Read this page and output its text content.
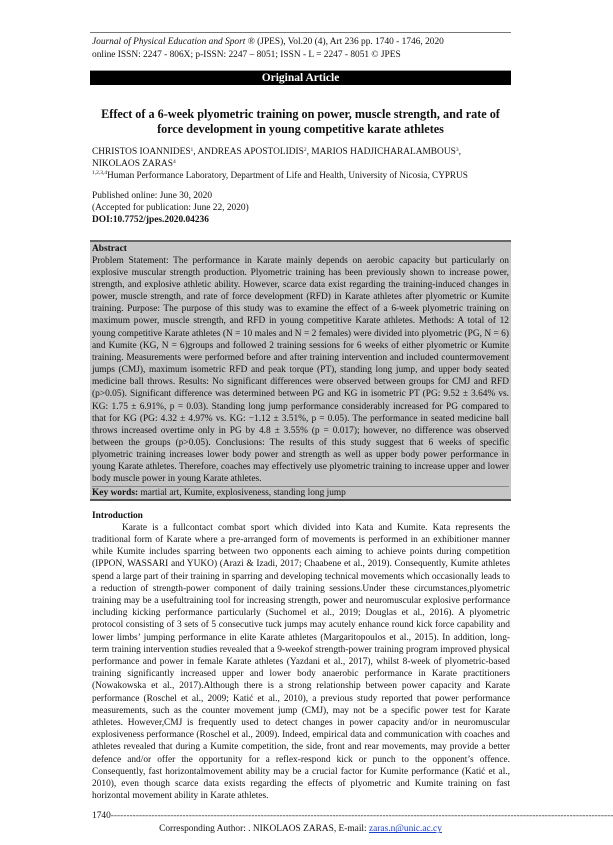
Journal of Physical Education and Sport ® (JPES), Vol.20 (4), Art 236 pp. 1740 - 1746, 2020
online ISSN: 2247 - 806X; p-ISSN: 2247 – 8051; ISSN - L = 2247 - 8051 © JPES
Original Article
Effect of a 6-week plyometric training on power, muscle strength, and rate of force development in young competitive karate athletes
CHRISTOS IOANNIDES$^1$, ANDREAS APOSTOLIDIS$^2$, MARIOS HADJICHARALAMBOUS$^3$, NIKOLAOS ZARAS$^4$
$^{1,2,3,4}$Human Performance Laboratory, Department of Life and Health, University of Nicosia, CYPRUS
Published online: June 30, 2020
(Accepted for publication: June 22, 2020)
DOI:10.7752/jpes.2020.04236
Abstract
Problem Statement: The performance in Karate mainly depends on aerobic capacity but particularly on explosive muscular strength production. Plyometric training has been previously shown to increase power, strength, and explosive athletic ability. However, scarce data exist regarding the training-induced changes in power, muscle strength, and rate of force development (RFD) in Karate athletes after plyometric or Kumite training. Purpose: The purpose of this study was to examine the effect of a 6-week plyometric training on maximum power, muscle strength, and RFD in young competitive Karate athletes. Methods: A total of 12 young competitive Karate athletes (N = 10 males and N = 2 females) were divided into plyometric (PG, N = 6) and Kumite (KG, N = 6)groups and followed 2 training sessions for 6 weeks of either plyometric or Kumite training. Measurements were performed before and after training intervention and included countermovement jumps (CMJ), maximum isometric RFD and peak torque (PT), standing long jump, and upper body seated medicine ball throws. Results: No significant differences were observed between groups for CMJ and RFD (p>0.05). Significant difference was determined between PG and KG in isometric PT (PG: 9.52 ± 3.64% vs. KG: 1.75 ± 6.91%, p = 0.03). Standing long jump performance considerably increased for PG compared to that for KG (PG: 4.32 ± 4.97% vs. KG: −1.12 ± 3.51%, p = 0.05). The performance in seated medicine ball throws increased overtime only in PG by 4.8 ± 3.55% (p = 0.017); however, no difference was observed between the groups (p>0.05). Conclusions: The results of this study suggest that 6 weeks of specific plyometric training increases lower body power and strength as well as upper body power performance in young Karate athletes. Therefore, coaches may effectively use plyometric training to increase upper and lower body muscle power in young Karate athletes.
Key words: martial art, Kumite, explosiveness, standing long jump
Introduction

Karate is a fullcontact combat sport which divided into Kata and Kumite. Kata represents the traditional form of Karate where a pre-arranged form of movements is performed in an exhibitioner manner while Kumite includes sparring between two opponents each aiming to achieve points during competition (IPPON, WASSARI and YUKO) (Arazi & Izadi, 2017; Chaabene et al., 2019). Consequently, Kumite athletes spend a large part of their training in sparring and developing technical movements which occasionally leads to a reduction of strength-power component of daily training sessions.Under these circumstances,plyometric training may be a usefultraining tool for increasing strength, power and neuromuscular explosive performance including kicking performance particularly (Suchomel et al., 2019; Douglas et al., 2016). A plyometric protocol consisting of 3 sets of 5 consecutive tuck jumps may acutely enhance round kick force capability and lower limbs’ jumping performance in elite Karate athletes (Margaritopoulos et al., 2015). In addition, long-term training intervention studies revealed that a 9-weekof strength-power training program improved physical performance and power in female Karate athletes (Yazdani et al., 2017), whilst 8-week of plyometric-based training significantly increased upper and lower body anaerobic performance in Karate practitioners (Nowakowska et al., 2017).Although there is a strong relationship between power capacity and Karate performance (Roschel et al., 2009; Katić et al., 2010), a previous study reported that power performance measurements, such as the counter movement jump (CMJ), may not be a specific power test for Karate athletes. However,CMJ is frequently used to detect changes in power capacity and/or in neuromuscular explosiveness performance (Roschel et al., 2009). Indeed, empirical data and communication with coaches and athletes revealed that during a Kumite competition, the side, front and rear movements, may provide a better defence and/or offer the opportunity for a reflex-respond kick or punch to the opponent’s offence. Consequently, fast horizontalmovement ability may be a crucial factor for Kumite performance (Katić et al., 2010), even though scarce data exists regarding the effects of plyometric and Kumite training on fast horizontal movement ability in Karate athletes.

1740-----------------------------------------------------------------------------------------------------------------------------------------------------------------
Corresponding Author: . NIKOLAOS ZARAS, E-mail: zaras.n@unic.ac.cy
